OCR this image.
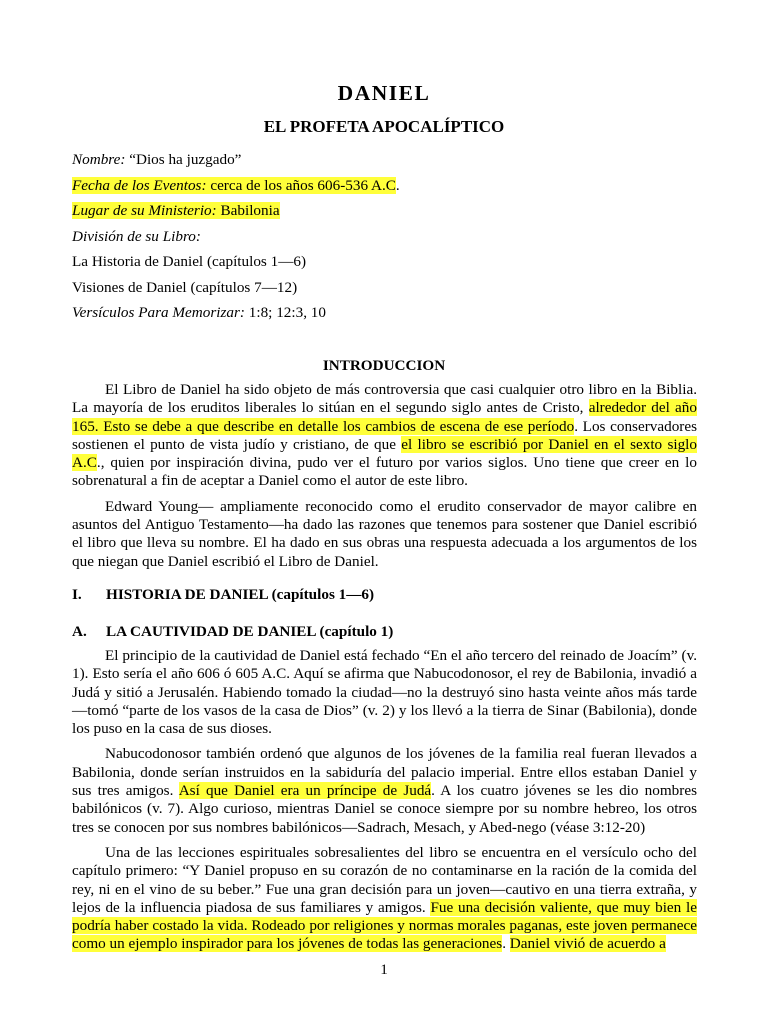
DANIEL
EL PROFETA APOCALÍPTICO

Nombre: “Dios ha juzgado”

Fecha de los Eventos: cerca de los años 606-536 A.C.

Lugar de su Ministerio: Babilonia

División de su Libro:

La Historia de Daniel (capítulos 1—6)

Visiones de Daniel (capítulos 7—12)

Versículos Para Memorizar: 1:8; 12:3, 10

INTRODUCCION

El Libro de Daniel ha sido objeto de más controversia que casi cualquier otro libro en la Biblia. La mayoría de los eruditos liberales lo sitúan en el segundo siglo antes de Cristo, alrededor del año 165. Esto se debe a que describe en detalle los cambios de escena de ese período. Los conservadores sostienen el punto de vista judío y cristiano, de que el libro se escribió por Daniel en el sexto siglo A.C., quien por inspiración divina, pudo ver el futuro por varios siglos. Uno tiene que creer en lo sobrenatural a fin de aceptar a Daniel como el autor de este libro.

Edward Young— ampliamente reconocido como el erudito conservador de mayor calibre en asuntos del Antiguo Testamento—ha dado las razones que tenemos para sostener que Daniel escribió el libro que lleva su nombre. El ha dado en sus obras una respuesta adecuada a los argumentos de los que niegan que Daniel escribió el Libro de Daniel.

I. HISTORIA DE DANIEL (capítulos 1—6)
A. LA CAUTIVIDAD DE DANIEL (capítulo 1)

El principio de la cautividad de Daniel está fechado “En el año tercero del reinado de Joacím” (v. 1). Esto sería el año 606 ó 605 A.C. Aquí se afirma que Nabucodonosor, el rey de Babilonia, invadió a Judá y sitió a Jerusalén. Habiendo tomado la ciudad—no la destruyó sino hasta veinte años más tarde—tomó “parte de los vasos de la casa de Dios” (v. 2) y los llevó a la tierra de Sinar (Babilonia), donde los puso en la casa de sus dioses.

Nabucodonosor también ordenó que algunos de los jóvenes de la familia real fueran llevados a Babilonia, donde serían instruidos en la sabiduría del palacio imperial. Entre ellos estaban Daniel y sus tres amigos. Así que Daniel era un príncipe de Judá. A los cuatro jóvenes se les dio nombres babilónicos (v. 7). Algo curioso, mientras Daniel se conoce siempre por su nombre hebreo, los otros tres se conocen por sus nombres babilónicos—Sadrach, Mesach, y Abed-nego (véase 3:12-20)

Una de las lecciones espirituales sobresalientes del libro se encuentra en el versículo ocho del capítulo primero: “Y Daniel propuso en su corazón de no contaminarse en la ración de la comida del rey, ni en el vino de su beber.” Fue una gran decisión para un joven—cautivo en una tierra extraña, y lejos de la influencia piadosa de sus familiares y amigos. Fue una decisión valiente, que muy bien le podría haber costado la vida. Rodeado por religiones y normas morales paganas, este joven permanece como un ejemplo inspirador para los jóvenes de todas las generaciones. Daniel vivió de acuerdo a

1
